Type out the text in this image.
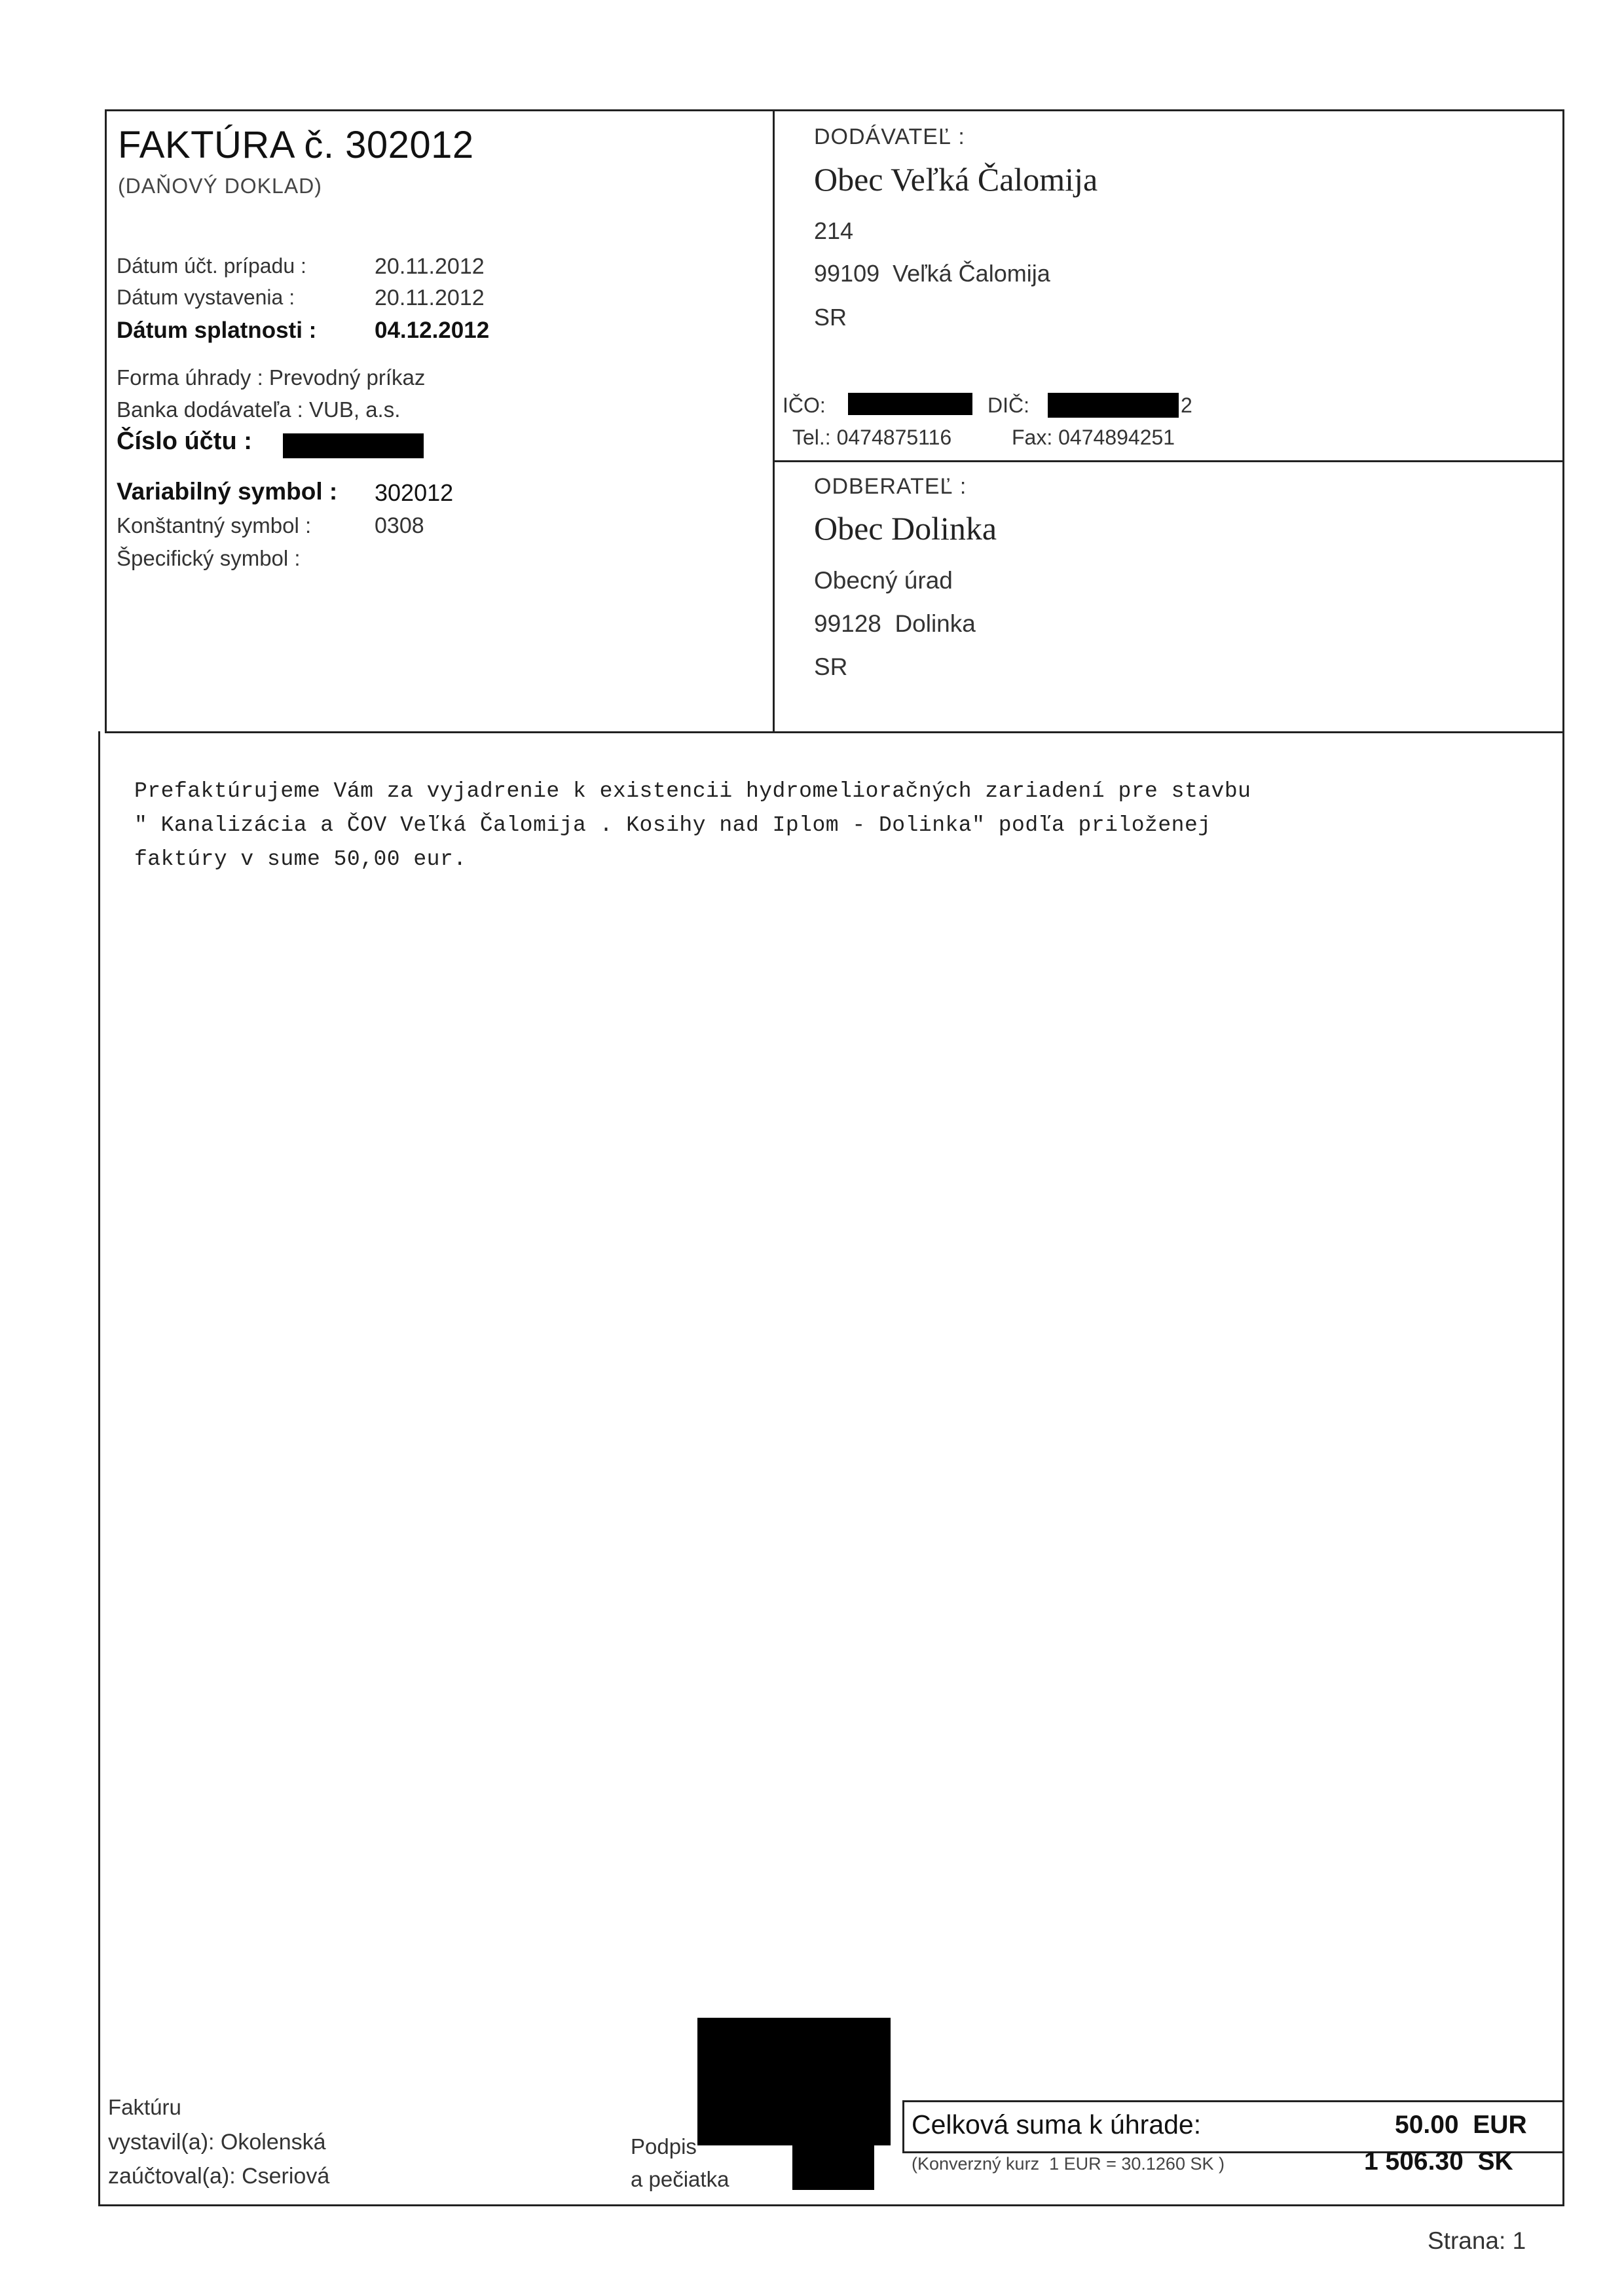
FAKTÚRA č. 302012
(DAŇOVÝ DOKLAD)
Dátum účt. prípadu :	20.11.2012
Dátum vystavenia :	20.11.2012
Dátum splatnosti :	04.12.2012
Forma úhrady : Prevodný príkaz
Banka dodávateľa : VUB, a.s.
Číslo účtu :
Variabilný symbol : 302012
Konštantný symbol :	0308
Špecifický symbol :
DODÁVATEĽ :
Obec Veľká Čalomija
214
99109  Veľká Čalomija
SR
IČO:	DIČ:	2
Tel.: 0474875116	Fax: 0474894251
ODBERATEĽ :
Obec Dolinka
Obecný úrad
99128  Dolinka
SR
Prefaktúrujeme Vám za vyjadrenie k existencii hydromelioračných zariadení pre stavbu
" Kanalizácia a ČOV Veľká Čalomija . Kosihy nad Iplom - Dolinka" podľa priloženej
faktúry v sume 50,00 eur.
Faktúru
vystavil(a): Okolenská
zaúčtoval(a): Cseriová
Podpis
a pečiatka
Celková suma k úhrade:	50.00  EUR
(Konverzný kurz  1 EUR = 30.1260 SK )	1 506.30  SK
Strana: 1
